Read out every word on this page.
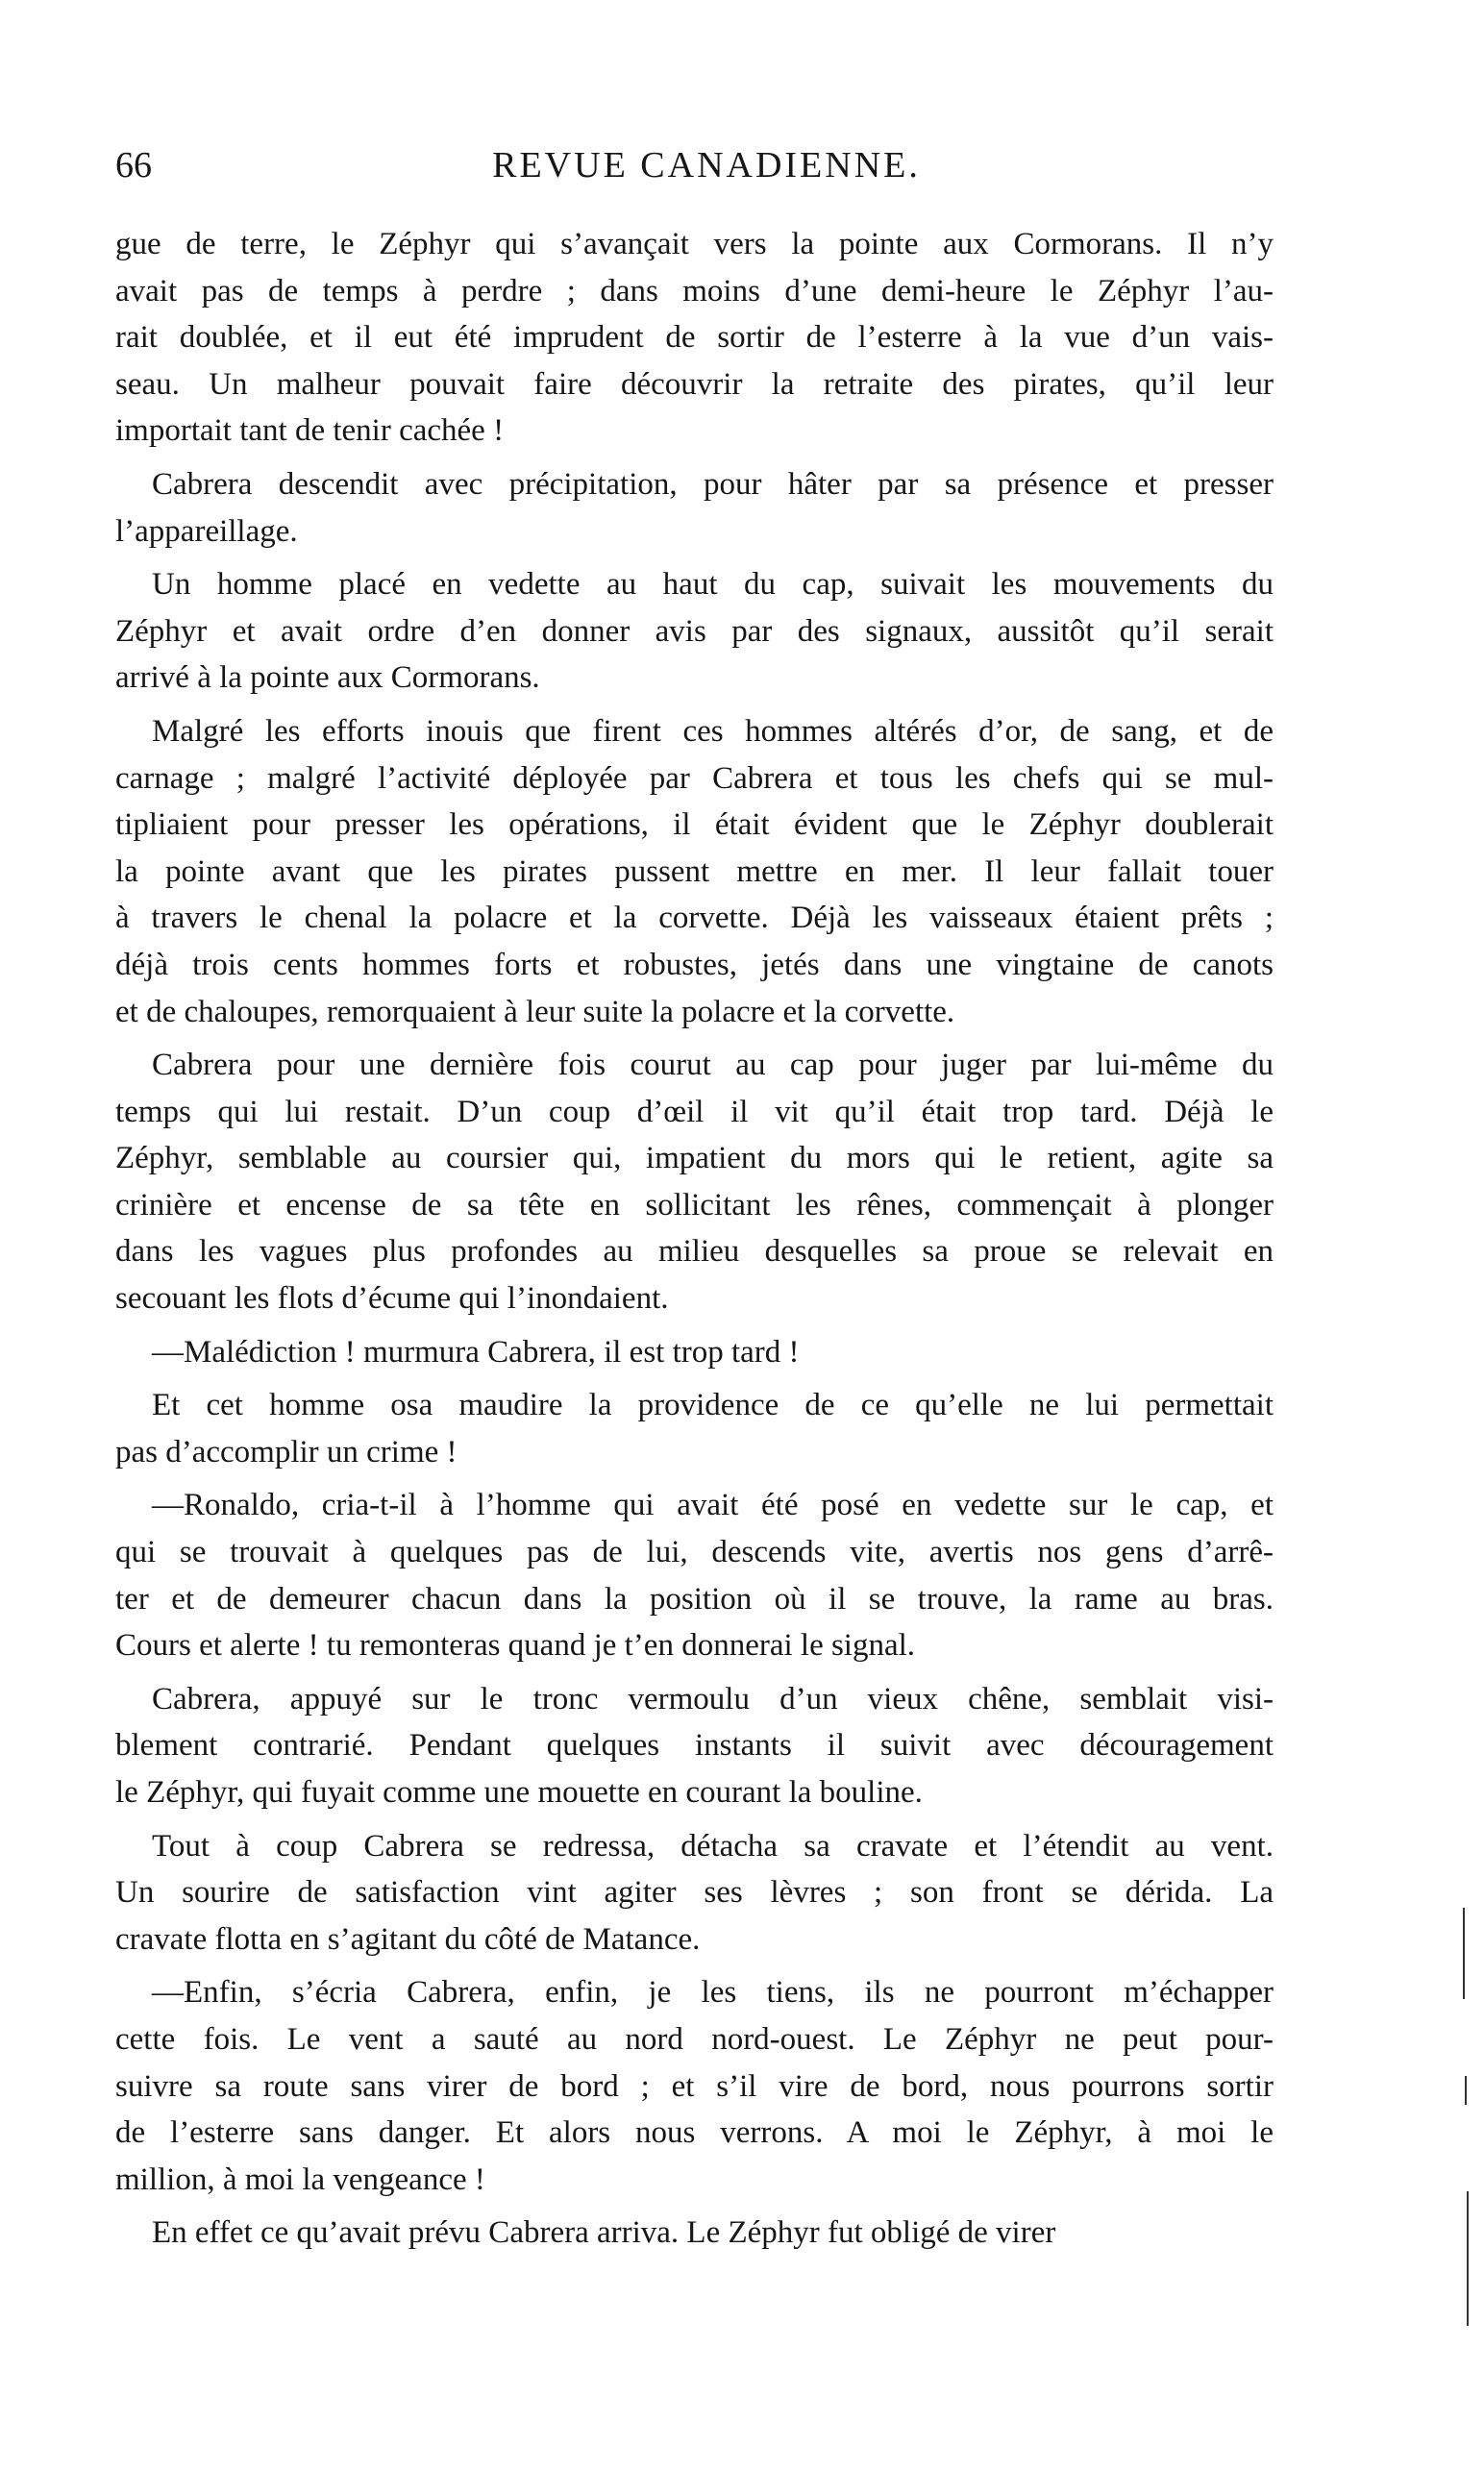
66	REVUE CANADIENNE.
gue de terre, le Zéphyr qui s’avançait vers la pointe aux Cormorans. Il n’y
avait pas de temps à perdre ; dans moins d’une demi-heure le Zéphyr l’au-
rait doublée, et il eut été imprudent de sortir de l’esterre à la vue d’un vais-
seau. Un malheur pouvait faire découvrir la retraite des pirates, qu’il leur
importait tant de tenir cachée !
Cabrera descendit avec précipitation, pour hâter par sa présence et presser
l’appareillage.
Un homme placé en vedette au haut du cap, suivait les mouvements du
Zéphyr et avait ordre d’en donner avis par des signaux, aussitôt qu’il serait
arrivé à la pointe aux Cormorans.
Malgré les efforts inouis que firent ces hommes altérés d’or, de sang, et de
carnage ; malgré l’activité déployée par Cabrera et tous les chefs qui se mul-
tipliaient pour presser les opérations, il était évident que le Zéphyr doublerait
la pointe avant que les pirates pussent mettre en mer. Il leur fallait touer
à travers le chenal la polacre et la corvette. Déjà les vaisseaux étaient prêts ;
déjà trois cents hommes forts et robustes, jetés dans une vingtaine de canots
et de chaloupes, remorquaient à leur suite la polacre et la corvette.
Cabrera pour une dernière fois courut au cap pour juger par lui-même du
temps qui lui restait. D’un coup d’œil il vit qu’il était trop tard. Déjà le
Zéphyr, semblable au coursier qui, impatient du mors qui le retient, agite sa
crinière et encense de sa tête en sollicitant les rênes, commençait à plonger
dans les vagues plus profondes au milieu desquelles sa proue se relevait en
secouant les flots d’écume qui l’inondaient.
—Malédiction ! murmura Cabrera, il est trop tard !
Et cet homme osa maudire la providence de ce qu’elle ne lui permettait
pas d’accomplir un crime !
—Ronaldo, cria-t-il à l’homme qui avait été posé en vedette sur le cap, et
qui se trouvait à quelques pas de lui, descends vite, avertis nos gens d’arrê-
ter et de demeurer chacun dans la position où il se trouve, la rame au bras.
Cours et alerte ! tu remonteras quand je t’en donnerai le signal.
Cabrera, appuyé sur le tronc vermoulu d’un vieux chêne, semblait visi-
blement contrarié. Pendant quelques instants il suivit avec découragement
le Zéphyr, qui fuyait comme une mouette en courant la bouline.
Tout à coup Cabrera se redressa, détacha sa cravate et l’étendit au vent.
Un sourire de satisfaction vint agiter ses lèvres ; son front se dérida. La
cravate flotta en s’agitant du côté de Matance.
—Enfin, s’écria Cabrera, enfin, je les tiens, ils ne pourront m’échapper
cette fois. Le vent a sauté au nord nord-ouest. Le Zéphyr ne peut pour-
suivre sa route sans virer de bord ; et s’il vire de bord, nous pourrons sortir
de l’esterre sans danger. Et alors nous verrons. A moi le Zéphyr, à moi le
million, à moi la vengeance !
En effet ce qu’avait prévu Cabrera arriva. Le Zéphyr fut obligé de virer
